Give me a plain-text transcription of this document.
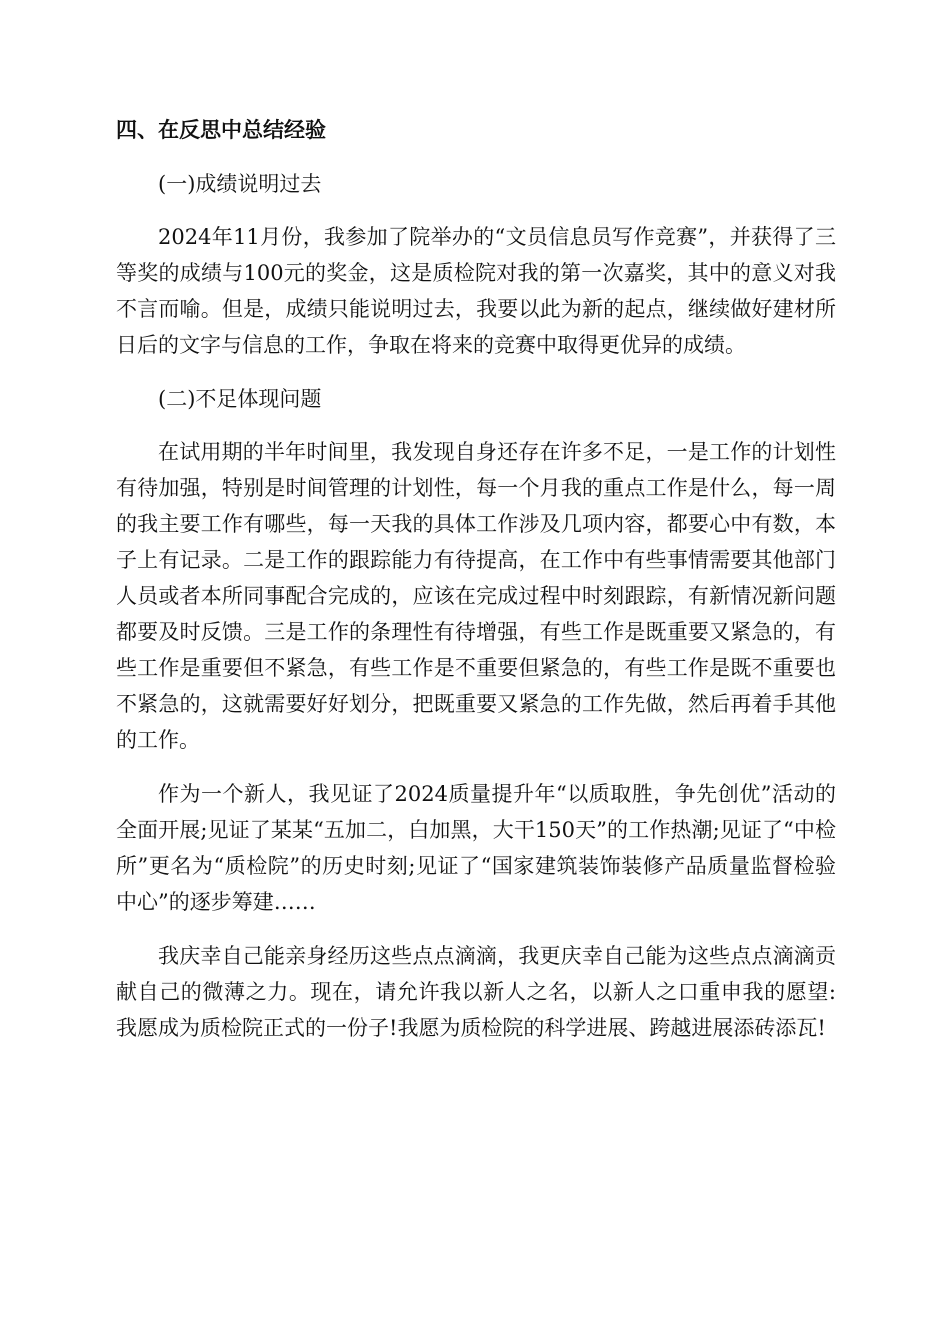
四、在反思中总结经验
(一)成绩说明过去
2024年11月份，我参加了院举办的“文员信息员写作竞赛”，并获得了三等奖的成绩与100元的奖金，这是质检院对我的第一次嘉奖，其中的意义对我不言而喻。但是，成绩只能说明过去，我要以此为新的起点，继续做好建材所日后的文字与信息的工作，争取在将来的竞赛中取得更优异的成绩。
(二)不足体现问题
在试用期的半年时间里，我发现自身还存在许多不足，一是工作的计划性有待加强，特别是时间管理的计划性，每一个月我的重点工作是什么，每一周的我主要工作有哪些，每一天我的具体工作涉及几项内容，都要心中有数，本子上有记录。二是工作的跟踪能力有待提高，在工作中有些事情需要其他部门人员或者本所同事配合完成的，应该在完成过程中时刻跟踪，有新情况新问题都要及时反馈。三是工作的条理性有待增强，有些工作是既重要又紧急的，有些工作是重要但不紧急，有些工作是不重要但紧急的，有些工作是既不重要也不紧急的，这就需要好好划分，把既重要又紧急的工作先做，然后再着手其他的工作。
作为一个新人，我见证了2024质量提升年“以质取胜，争先创优”活动的全面开展;见证了某某“五加二，白加黑，大干150天”的工作热潮;见证了“中检所”更名为“质检院”的历史时刻;见证了“国家建筑装饰装修产品质量监督检验中心”的逐步筹建……
我庆幸自己能亲身经历这些点点滴滴，我更庆幸自己能为这些点点滴滴贡献自己的微薄之力。现在，请允许我以新人之名，以新人之口重申我的愿望:我愿成为质检院正式的一份子!我愿为质检院的科学进展、跨越进展添砖添瓦!
